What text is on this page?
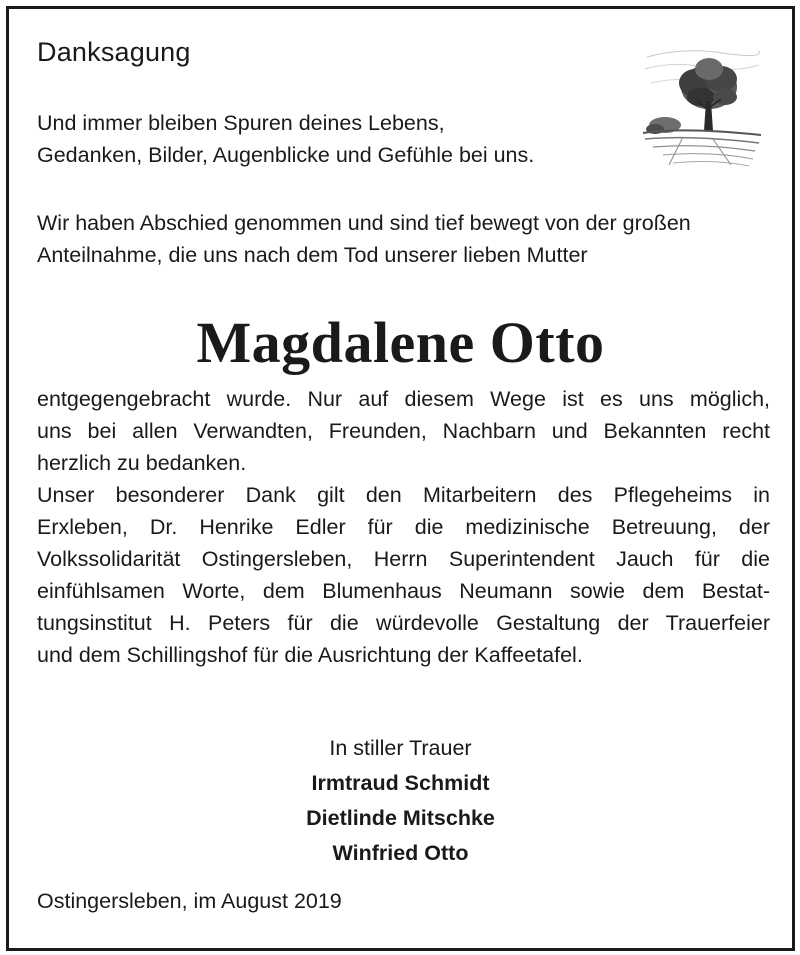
Danksagung
Und immer bleiben Spuren deines Lebens,
Gedanken, Bilder, Augenblicke und Gefühle bei uns.
Wir haben Abschied genommen und sind tief bewegt von der großen
Anteilnahme, die uns nach dem Tod unserer lieben Mutter
Magdalene Otto
entgegengebracht wurde. Nur auf diesem Wege ist es uns möglich,
uns bei allen Verwandten, Freunden, Nachbarn und Bekannten recht
herzlich zu bedanken.
Unser besonderer Dank gilt den Mitarbeitern des Pflegeheims in
Erxleben, Dr. Henrike Edler für die medizinische Betreuung, der
Volkssolidarität Ostingersleben, Herrn Superintendent Jauch für die
einfühlsamen Worte, dem Blumenhaus Neumann sowie dem Bestat-
tungsinstitut H. Peters für die würdevolle Gestaltung der Trauerfeier
und dem Schillingshof für die Ausrichtung der Kaffeetafel.
In stiller Trauer
Irmtraud Schmidt
Dietlinde Mitschke
Winfried Otto
Ostingersleben, im August 2019
